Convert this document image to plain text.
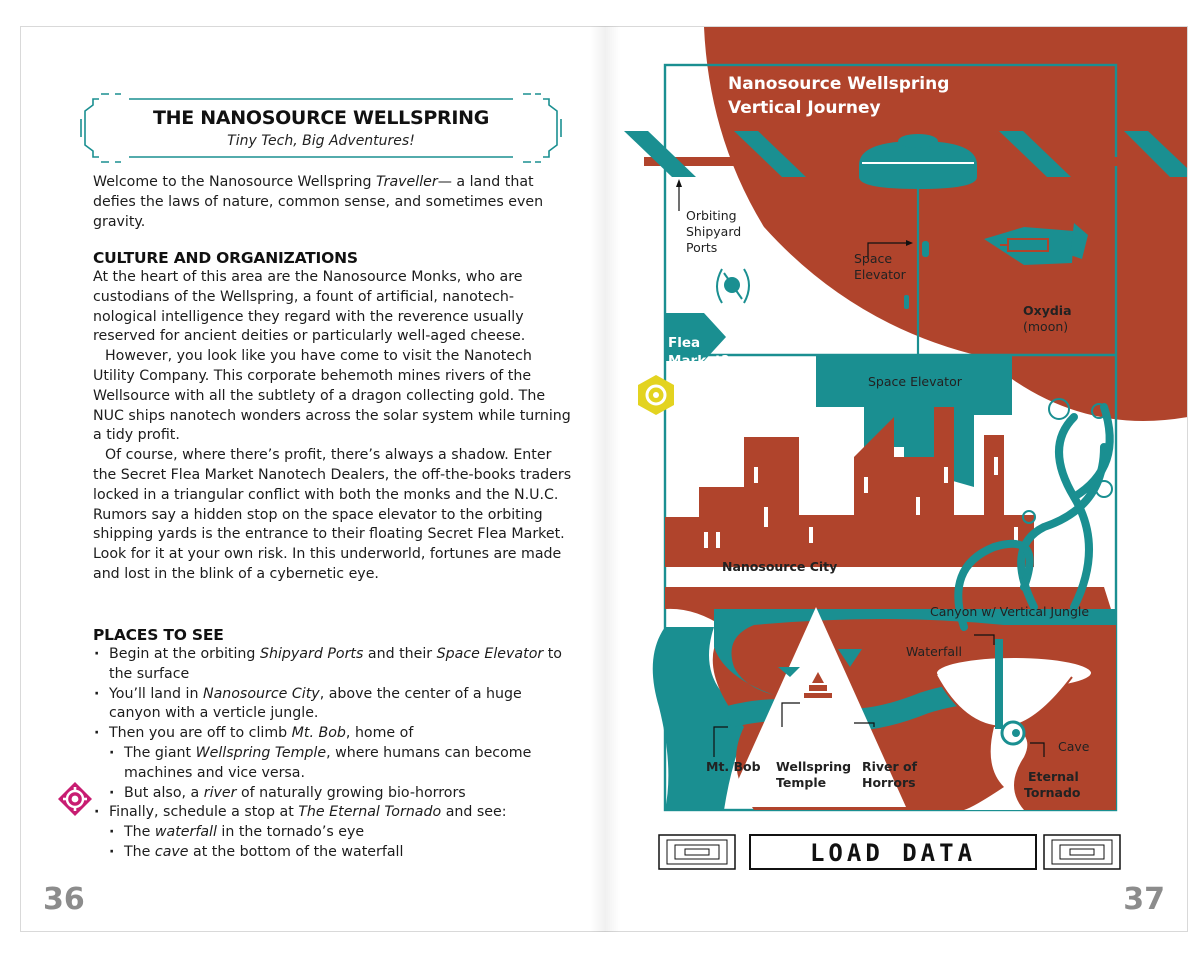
THE NANOSOURCE WELLSPRING
Tiny Tech, Big Adventures!

Welcome to the Nanosource Wellspring Traveller— a land that defies the laws of nature, common sense, and sometimes even gravity.

CULTURE AND ORGANIZATIONS

At the heart of this area are the Nanosource Monks, who are custodians of the Wellspring, a fount of artificial, nanotech-nological intelligence they regard with the reverence usually reserved for ancient deities or particularly well-aged cheese.

However, you look like you have come to visit the Nanotech Utility Company. This corporate behemoth mines rivers of the Wellsource with all the subtlety of a dragon collecting gold. The NUC ships nanotech wonders across the solar system while turning a tidy profit.

Of course, where there’s profit, there’s always a shadow. Enter the Secret Flea Market Nanotech Dealers, the off-the-books traders locked in a triangular conflict with both the monks and the N.U.C. Rumors say a hidden stop on the space elevator to the orbiting shipping yards is the entrance to their floating Secret Flea Market. Look for it at your own risk. In this underworld, fortunes are made and lost in the blink of a cybernetic eye.

PLACES TO SEE
· Begin at the orbiting Shipyard Ports and their Space Elevator to the surface
· You’ll land in Nanosource City, above the center of a huge canyon with a verticle jungle.
· Then you are off to climb Mt. Bob, home of
· The giant Wellspring Temple, where humans can become machines and vice versa.
· But also, a river of naturally growing bio-horrors
· Finally, schedule a stop at The Eternal Tornado and see:
· The waterfall in the tornado’s eye
· The cave at the bottom of the waterfall
36
Nanosource Wellspring
Vertical Journey
Orbiting
Shipyard
Ports
Space
Elevator
Oxydia
(moon)
Flea
Market?
Space Elevator
Nanosource City
Canyon w/ Vertical Jungle
Waterfall
Cave
Mt. Bob Wellspring
Temple
River of
Horrors	Eternal
Tornado
LOAD DATA
37
